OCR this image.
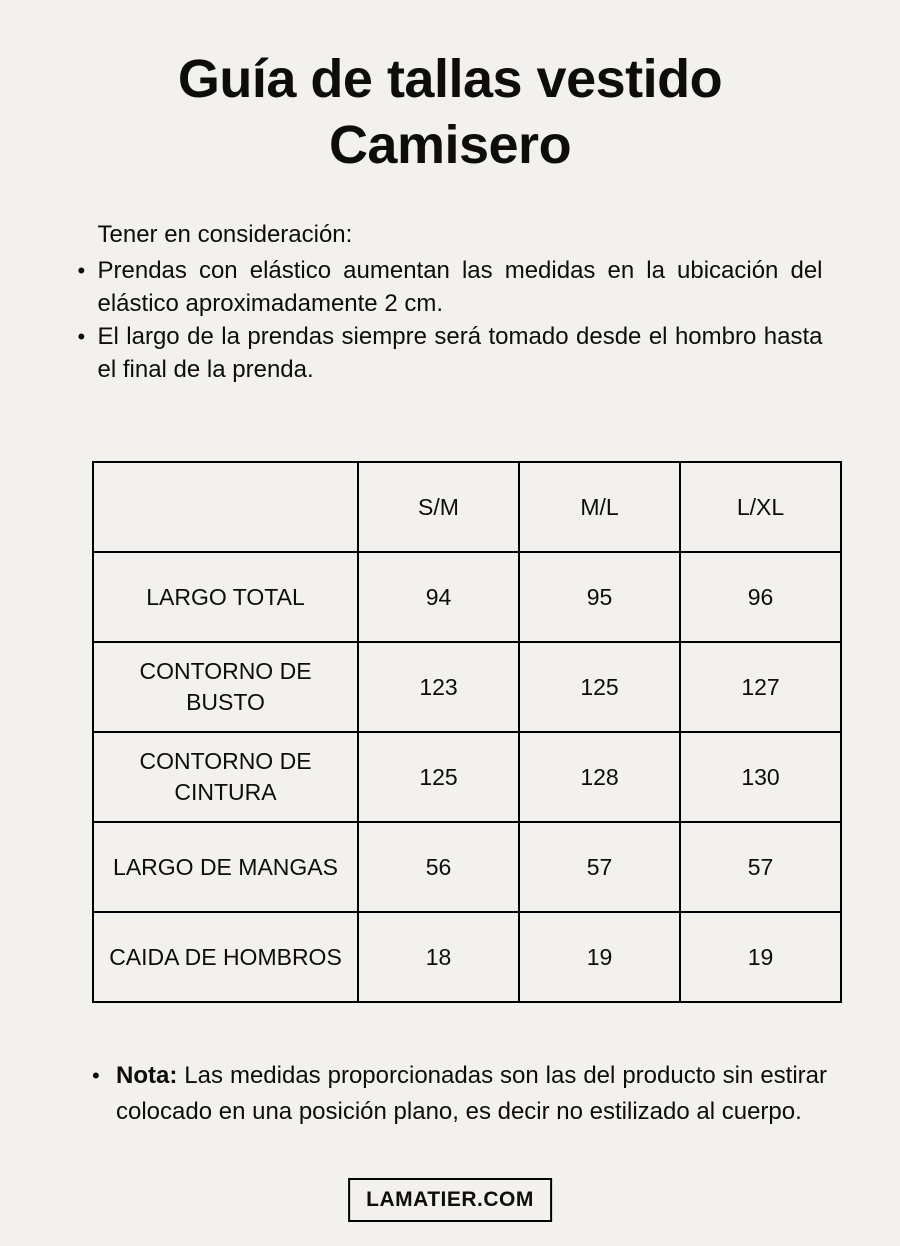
Guía de tallas vestido
Camisero
Tener en consideración:
• Prendas con elástico aumentan las medidas en la ubicación del elástico aproximadamente 2 cm.
• El largo de la prendas siempre será tomado desde el hombro hasta el final de la prenda.
	S/M	M/L	L/XL
LARGO TOTAL	94	95	96
CONTORNO DE BUSTO	123	125	127
CONTORNO DE CINTURA	125	128	130
LARGO DE MANGAS	56	57	57
CAIDA DE HOMBROS	18	19	19
• Nota: Las medidas proporcionadas son las del producto sin estirar colocado en una posición plano, es decir no estilizado al cuerpo.
LAMATIER.COM
